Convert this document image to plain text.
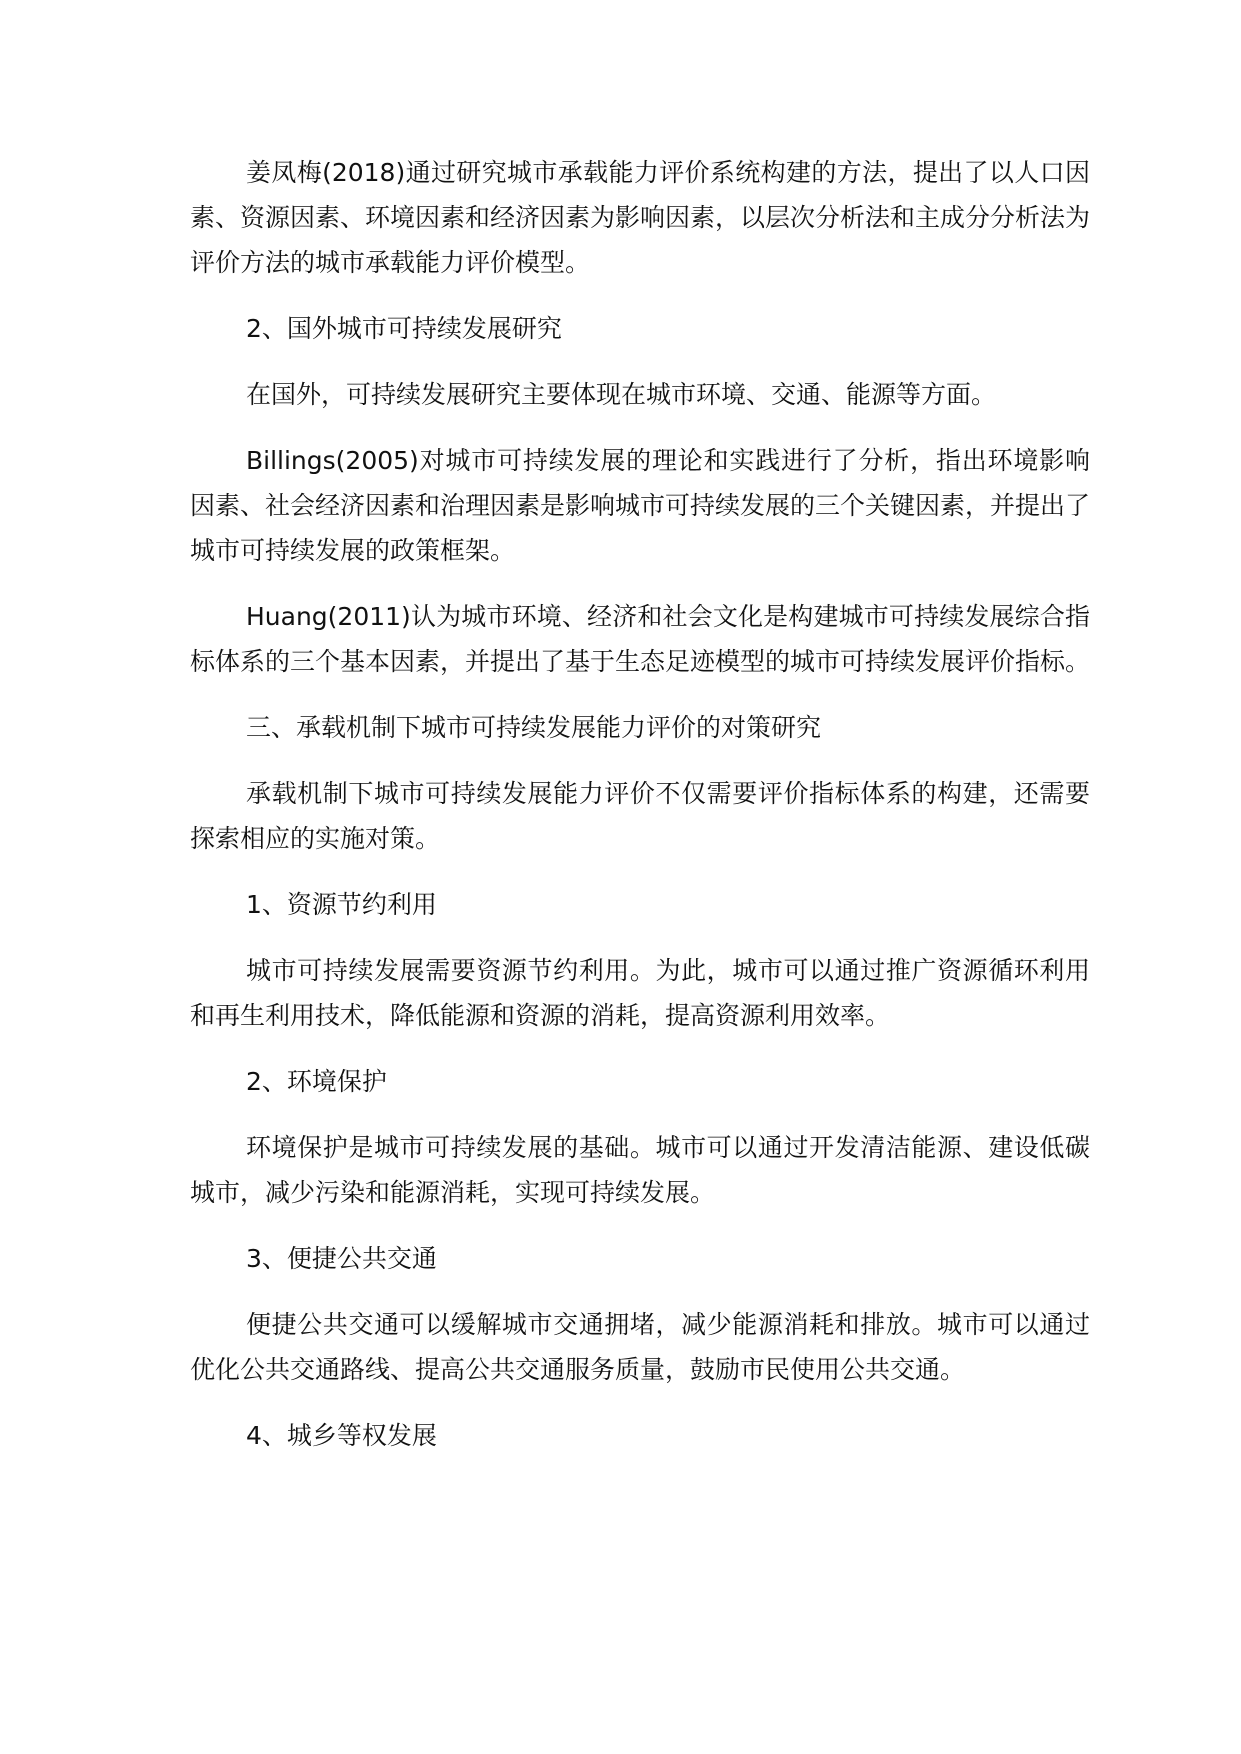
姜凤梅(2018)通过研究城市承载能力评价系统构建的方法，提出了以人口因素、资源因素、环境因素和经济因素为影响因素，以层次分析法和主成分分析法为评价方法的城市承载能力评价模型。

2、国外城市可持续发展研究

在国外，可持续发展研究主要体现在城市环境、交通、能源等方面。

Billings(2005)对城市可持续发展的理论和实践进行了分析，指出环境影响因素、社会经济因素和治理因素是影响城市可持续发展的三个关键因素，并提出了城市可持续发展的政策框架。

Huang(2011)认为城市环境、经济和社会文化是构建城市可持续发展综合指标体系的三个基本因素，并提出了基于生态足迹模型的城市可持续发展评价指标。

三、承载机制下城市可持续发展能力评价的对策研究

承载机制下城市可持续发展能力评价不仅需要评价指标体系的构建，还需要探索相应的实施对策。

1、资源节约利用

城市可持续发展需要资源节约利用。为此，城市可以通过推广资源循环利用和再生利用技术，降低能源和资源的消耗，提高资源利用效率。

2、环境保护

环境保护是城市可持续发展的基础。城市可以通过开发清洁能源、建设低碳城市，减少污染和能源消耗，实现可持续发展。

3、便捷公共交通

便捷公共交通可以缓解城市交通拥堵，减少能源消耗和排放。城市可以通过优化公共交通路线、提高公共交通服务质量，鼓励市民使用公共交通。

4、城乡等权发展
